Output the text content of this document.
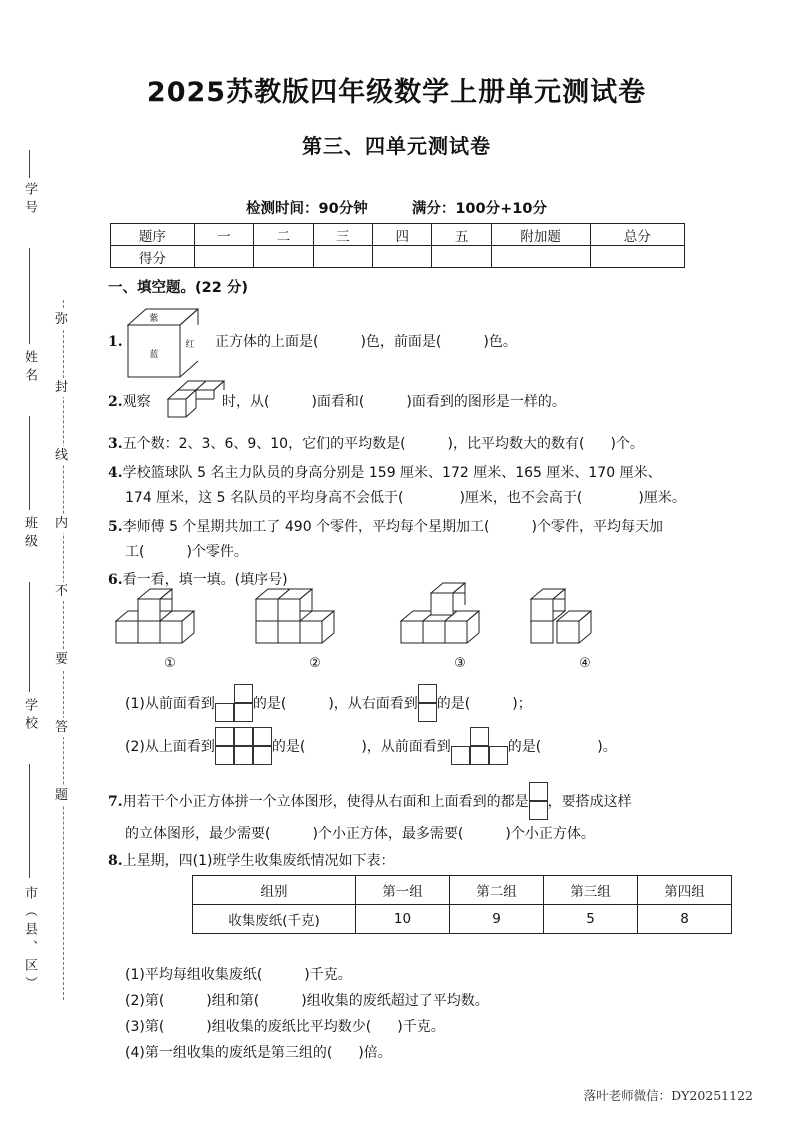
学号
姓名
班级
学校
市（县、区）
弥
封
线
内
不
要
答
题
2025苏教版四年级数学上册单元测试卷
第三、四单元测试卷
检测时间：90分钟	满分：100分+10分
题序	一	二	三	四	五	附加题	总分
得分							
一、填空题。(22 分)
1.
紫
蓝
红 正方体的上面是(	)色，前面是(	)色。
2.观察	时，从(	)面看和(	)面看到的图形是一样的。
3.五个数：2、3、6、9、10，它们的平均数是(	)，比平均数大的数有( )个。
4.学校篮球队 5 名主力队员的身高分别是 159 厘米、172 厘米、165 厘米、170 厘米、
174 厘米，这 5 名队员的平均身高不会低于(	)厘米，也不会高于(	)厘米。
5.李师傅 5 个星期共加工了 490 个零件，平均每个星期加工(	)个零件，平均每天加
工(	)个零件。
6.看一看，填一填。(填序号)
①	②	③	④
(1)从前面看到	的是(	)，从右面看到 的是(	)；
(2)从上面看到	的是(	)，从前面看到	的是(	)。
7.用若干个小正方体拼一个立体图形，使得从右面和上面看到的都是 ，要搭成这样
的立体图形，最少需要(	)个小正方体，最多需要(	)个小正方体。
8.上星期，四(1)班学生收集废纸情况如下表：
组别	第一组	第二组	第三组	第四组
收集废纸(千克)	10	9	5	8
(1)平均每组收集废纸(	)千克。
(2)第(	)组和第(	)组收集的废纸超过了平均数。
(3)第(	)组收集的废纸比平均数少( )千克。
(4)第一组收集的废纸是第三组的( )倍。
落叶老师微信：DY20251122
